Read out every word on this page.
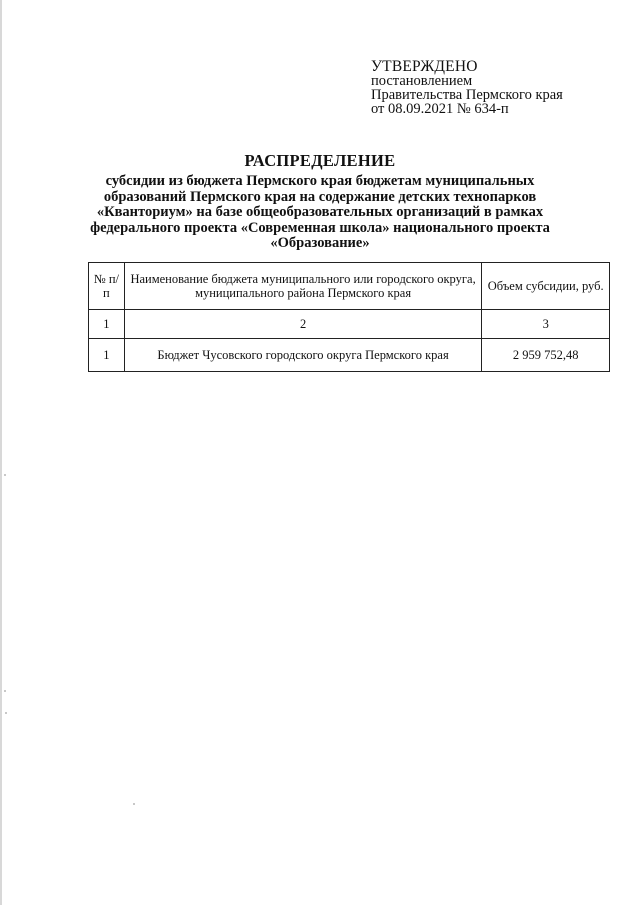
УТВЕРЖДЕНО
постановлением
Правительства Пермского края
от 08.09.2021 № 634-п
РАСПРЕДЕЛЕНИЕ
субсидии из бюджета Пермского края бюджетам муниципальных образований Пермского края на содержание детских технопарков «Кванториум» на базе общеобразовательных организаций в рамках федерального проекта «Современная школа» национального проекта «Образование»
№ п/п	Наименование бюджета муниципального или городского округа, муниципального района Пермского края	Объем субсидии, руб.
1	2	3
1	Бюджет Чусовского городского округа Пермского края	2 959 752,48
